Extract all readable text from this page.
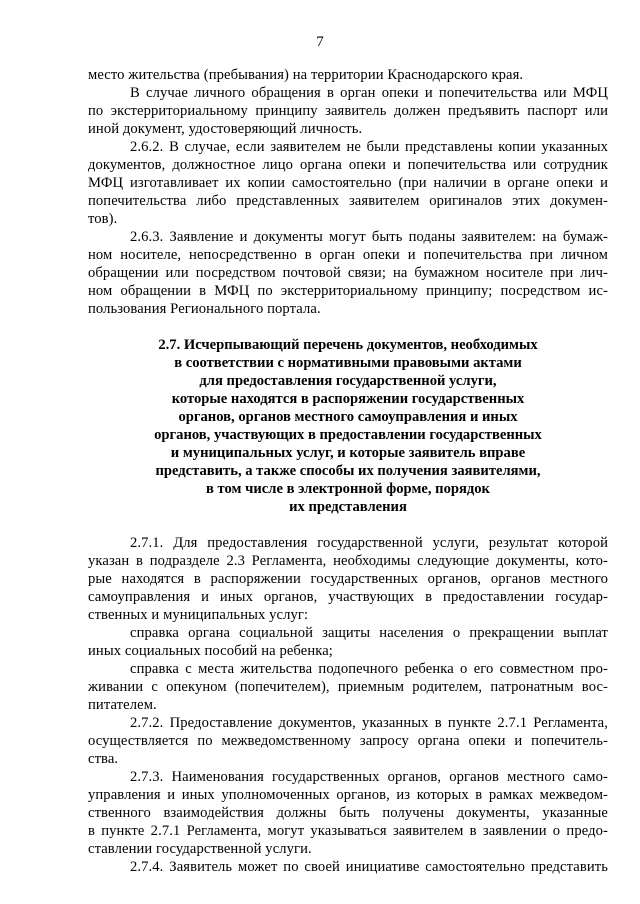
7
место жительства (пребывания) на территории Краснодарского края.
В случае личного обращения в орган опеки и попечительства или МФЦ
по экстерриториальному принципу заявитель должен предъявить паспорт или
иной документ, удостоверяющий личность.
2.6.2. В случае, если заявителем не были представлены копии указанных
документов, должностное лицо органа опеки и попечительства или сотрудник
МФЦ изготавливает их копии самостоятельно (при наличии в органе опеки и
попечительства либо представленных заявителем оригиналов этих докумен-
тов).
2.6.3. Заявление и документы могут быть поданы заявителем: на бумаж-
ном носителе, непосредственно в орган опеки и попечительства при личном
обращении или посредством почтовой связи; на бумажном носителе при лич-
ном обращении в МФЦ по экстерриториальному принципу; посредством ис-
пользования Регионального портала.
2.7. Исчерпывающий перечень документов, необходимых
в соответствии с нормативными правовыми актами
для предоставления государственной услуги,
которые находятся в распоряжении государственных
органов, органов местного самоуправления и иных
органов, участвующих в предоставлении государственных
и муниципальных услуг, и которые заявитель вправе
представить, а также способы их получения заявителями,
в том числе в электронной форме, порядок
их представления
2.7.1. Для предоставления государственной услуги, результат которой
указан в подразделе 2.3 Регламента, необходимы следующие документы, кото-
рые находятся в распоряжении государственных органов, органов местного
самоуправления и иных органов, участвующих в предоставлении государ-
ственных и муниципальных услуг:
справка органа социальной защиты населения о прекращении выплат
иных социальных пособий на ребенка;
справка с места жительства подопечного ребенка о его совместном про-
живании с опекуном (попечителем), приемным родителем, патронатным вос-
питателем.
2.7.2. Предоставление документов, указанных в пункте 2.7.1 Регламента,
осуществляется по межведомственному запросу органа опеки и попечитель-
ства.
2.7.3. Наименования государственных органов, органов местного само-
управления и иных уполномоченных органов, из которых в рамках межведом-
ственного взаимодействия должны быть получены документы, указанные
в пункте 2.7.1 Регламента, могут указываться заявителем в заявлении о предо-
ставлении государственной услуги.
2.7.4. Заявитель может по своей инициативе самостоятельно представить
